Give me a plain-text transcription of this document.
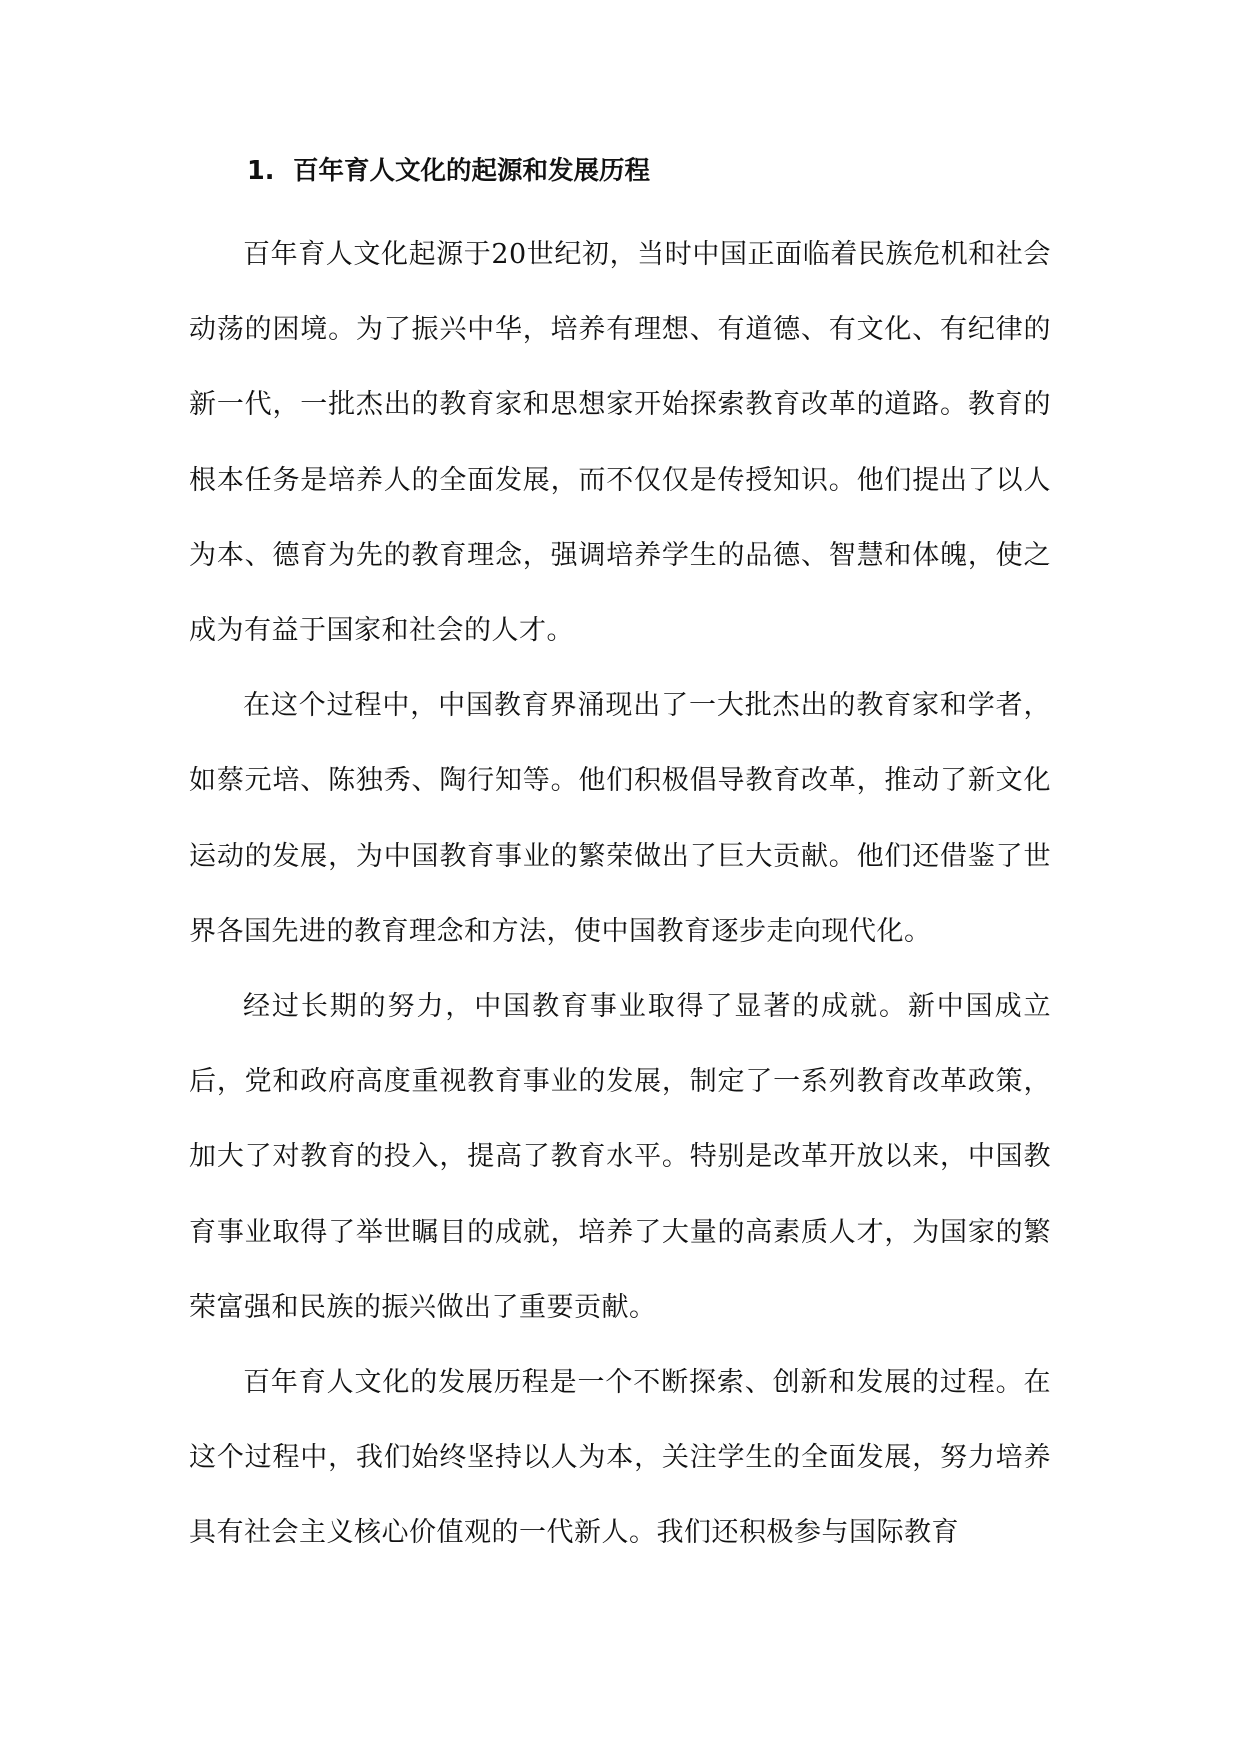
1. 百年育人文化的起源和发展历程

百年育人文化起源于20世纪初，当时中国正面临着民族危机和社会动荡的困境。为了振兴中华，培养有理想、有道德、有文化、有纪律的新一代，一批杰出的教育家和思想家开始探索教育改革的道路。教育的根本任务是培养人的全面发展，而不仅仅是传授知识。他们提出了以人为本、德育为先的教育理念，强调培养学生的品德、智慧和体魄，使之成为有益于国家和社会的人才。

在这个过程中，中国教育界涌现出了一大批杰出的教育家和学者，如蔡元培、陈独秀、陶行知等。他们积极倡导教育改革，推动了新文化运动的发展，为中国教育事业的繁荣做出了巨大贡献。他们还借鉴了世界各国先进的教育理念和方法，使中国教育逐步走向现代化。

经过长期的努力，中国教育事业取得了显著的成就。新中国成立后，党和政府高度重视教育事业的发展，制定了一系列教育改革政策，加大了对教育的投入，提高了教育水平。特别是改革开放以来，中国教育事业取得了举世瞩目的成就，培养了大量的高素质人才，为国家的繁荣富强和民族的振兴做出了重要贡献。

百年育人文化的发展历程是一个不断探索、创新和发展的过程。在这个过程中，我们始终坚持以人为本，关注学生的全面发展，努力培养具有社会主义核心价值观的一代新人。我们还积极参与国际教育
